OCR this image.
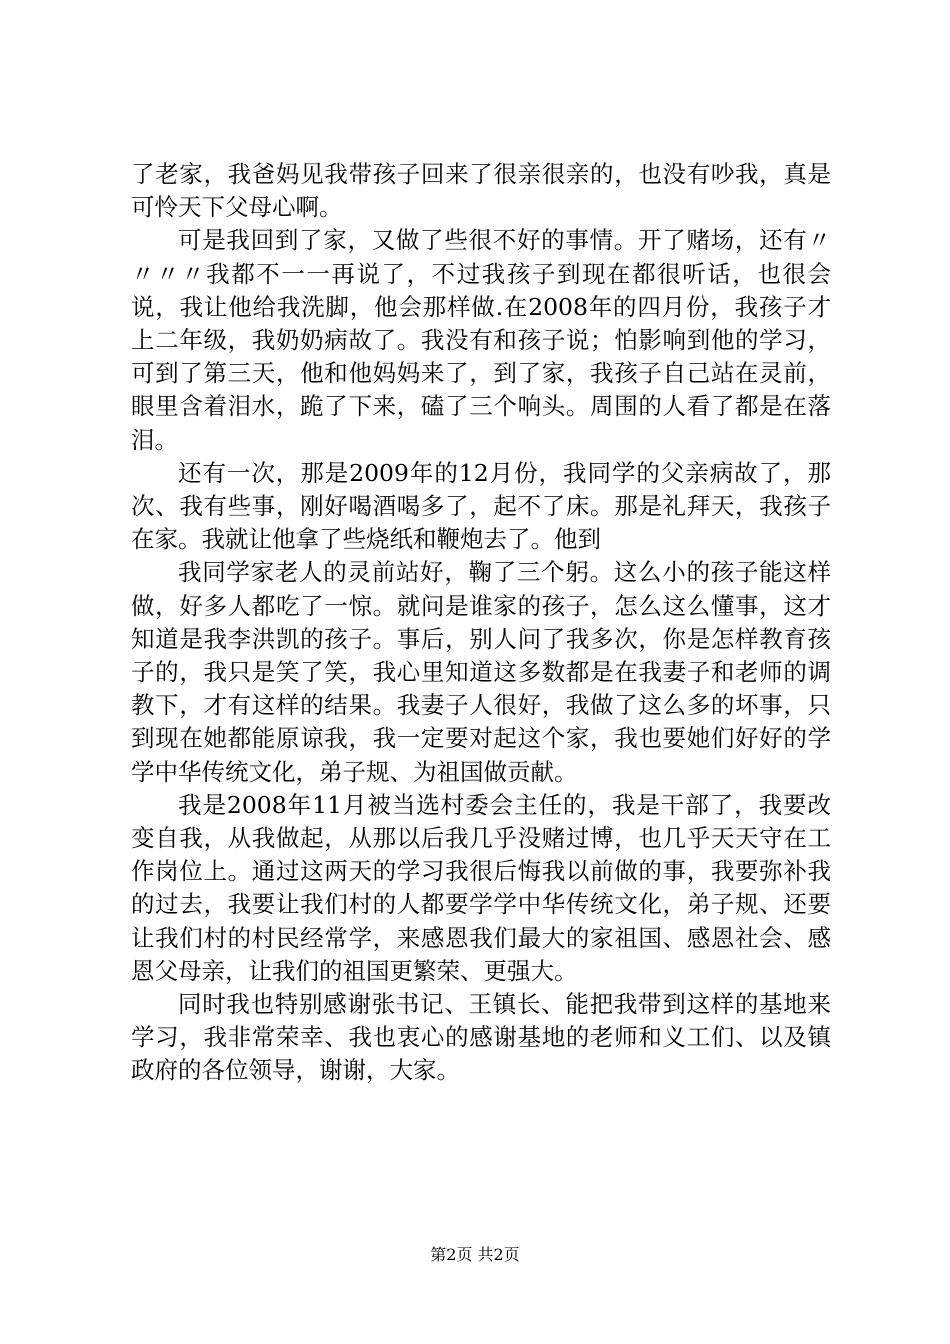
了老家，我爸妈见我带孩子回来了很亲很亲的，也没有吵我，真是可怜天下父母心啊。

可是我回到了家，又做了些很不好的事情。开了赌场，还有〃〃〃〃我都不一一再说了，不过我孩子到现在都很听话，也很会说，我让他给我洗脚，他会那样做.在2008年的四月份，我孩子才上二年级，我奶奶病故了。我没有和孩子说；怕影响到他的学习，可到了第三天，他和他妈妈来了，到了家，我孩子自己站在灵前，眼里含着泪水，跪了下来，磕了三个响头。周围的人看了都是在落泪。

还有一次，那是2009年的12月份，我同学的父亲病故了，那次、我有些事，刚好喝酒喝多了，起不了床。那是礼拜天，我孩子在家。我就让他拿了些烧纸和鞭炮去了。他到

我同学家老人的灵前站好，鞠了三个躬。这么小的孩子能这样做，好多人都吃了一惊。就问是谁家的孩子，怎么这么懂事，这才知道是我李洪凯的孩子。事后，别人问了我多次，你是怎样教育孩子的，我只是笑了笑，我心里知道这多数都是在我妻子和老师的调教下，才有这样的结果。我妻子人很好，我做了这么多的坏事，只到现在她都能原谅我，我一定要对起这个家，我也要她们好好的学学中华传统文化，弟子规、为祖国做贡献。

我是2008年11月被当选村委会主任的，我是干部了，我要改变自我，从我做起，从那以后我几乎没赌过博，也几乎天天守在工作岗位上。通过这两天的学习我很后悔我以前做的事，我要弥补我的过去，我要让我们村的人都要学学中华传统文化，弟子规、还要让我们村的村民经常学，来感恩我们最大的家祖国、感恩社会、感恩父母亲，让我们的祖国更繁荣、更强大。

同时我也特别感谢张书记、王镇长、能把我带到这样的基地来学习，我非常荣幸、我也衷心的感谢基地的老师和义工们、以及镇政府的各位领导，谢谢，大家。

第2页 共2页
